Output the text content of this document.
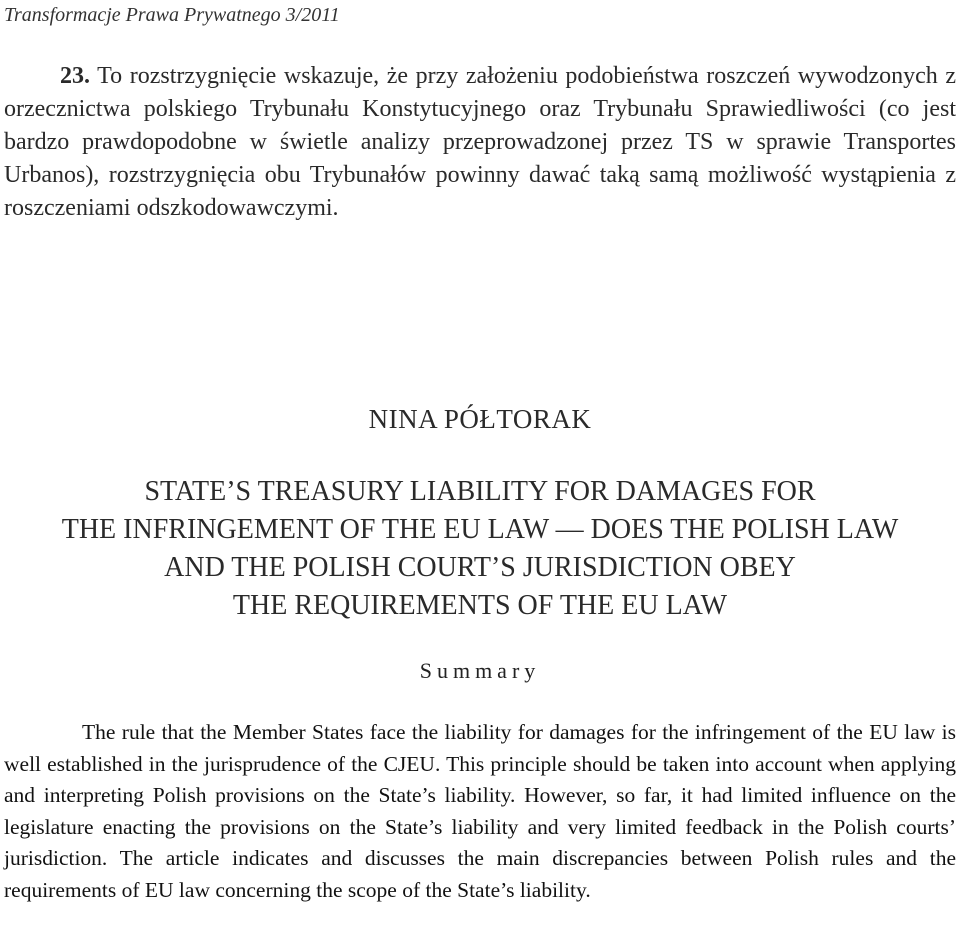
Transformacje Prawa Prywatnego 3/2011

23. To rozstrzygnięcie wskazuje, że przy założeniu podobieństwa roszczeń wywodzonych z orzecznictwa polskiego Trybunału Konstytucyjnego oraz Trybunału Sprawiedliwości (co jest bardzo prawdopodobne w świetle analizy przeprowadzonej przez TS w sprawie Transportes Urbanos), rozstrzygnięcia obu Trybunałów powinny dawać taką samą możliwość wystąpienia z roszczeniami odszkodowawczymi.

NINA PÓŁTORAK
STATE’S TREASURY LIABILITY FOR DAMAGES FOR
THE INFRINGEMENT OF THE EU LAW — DOES THE POLISH LAW
AND THE POLISH COURT’S JURISDICTION OBEY
THE REQUIREMENTS OF THE EU LAW
Summary

The rule that the Member States face the liability for damages for the infringement of the EU law is well established in the jurisprudence of the CJEU. This principle should be taken into account when applying and interpreting Polish provisions on the State’s liability. However, so far, it had limited influence on the legislature enacting the provisions on the State’s liability and very limited feedback in the Polish courts’ jurisdiction. The article indicates and discusses the main discrepancies between Polish rules and the requirements of EU law concerning the scope of the State’s liability.
